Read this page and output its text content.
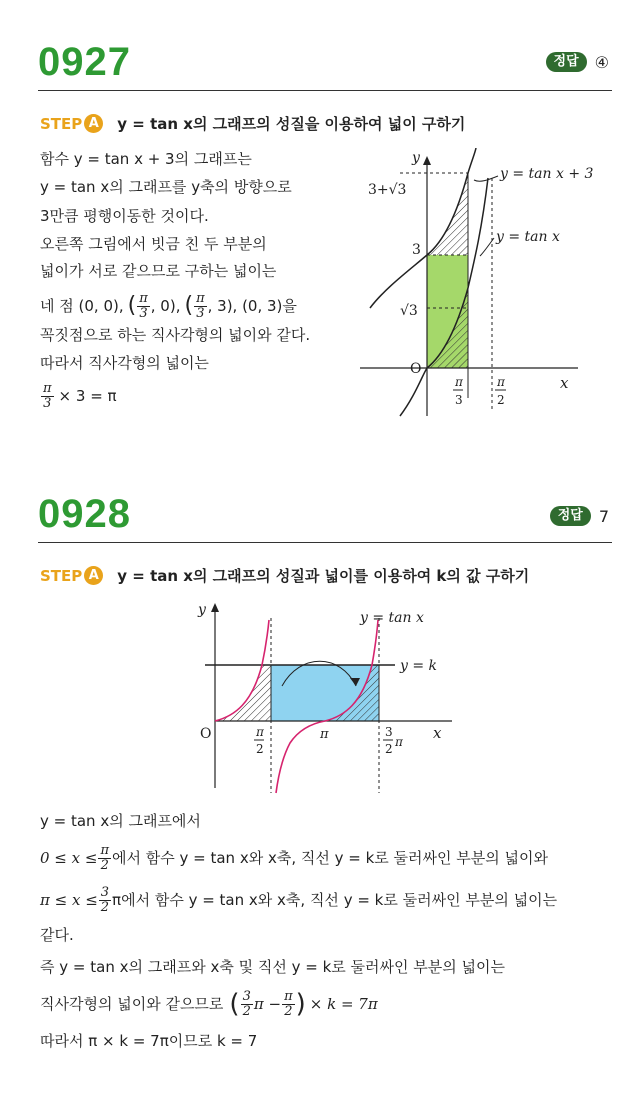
0927	정답	④
STEP A y = tan x의 그래프의 성질을 이용하여 넓이 구하기
함수 y = tan x + 3의 그래프는
y = tan x의 그래프를 y축의 방향으로
3만큼 평행이동한 것이다.
오른쪽 그림에서 빗금 친 두 부분의
넓이가 서로 같으므로 구하는 넓이는
네 점 (0, 0), ( $\frac{\pi}{3}$ , 0), ( $\frac{\pi}{3}$ , 3), (0, 3)을
꼭짓점으로 하는 직사각형의 넓이와 같다.
따라서 직사각형의 넓이는
$\frac{\pi}{3} \times 3 = \pi$
y
x
O
3+√3
3
√3
π
3
π
2
y = tan x + 3
y = tan x
0928	정답	7
STEP A y = tan x의 그래프의 성질과 넓이를 이용하여 k의 값 구하기
y
x
O
y = tan x
y = k
π
2
π	3
2 π
y = tan x의 그래프에서
$0 \le x \le \frac{\pi}{2}$ 에서 함수 y = tan x와 x축, 직선 y = k로 둘러싸인 부분의 넓이와
$\pi \le x \le \frac{3}{2}$ π에서 함수 y = tan x와 x축, 직선 y = k로 둘러싸인 부분의 넓이는
같다.
즉 y = tan x의 그래프와 x축 및 직선 y = k로 둘러싸인 부분의 넓이는
직사각형의 넓이와 같으므로 ( $\frac{3}{2}$ $\pi - \frac{\pi}{2}$ ) × k = 7π
따라서 π × k = 7π이므로 k = 7
